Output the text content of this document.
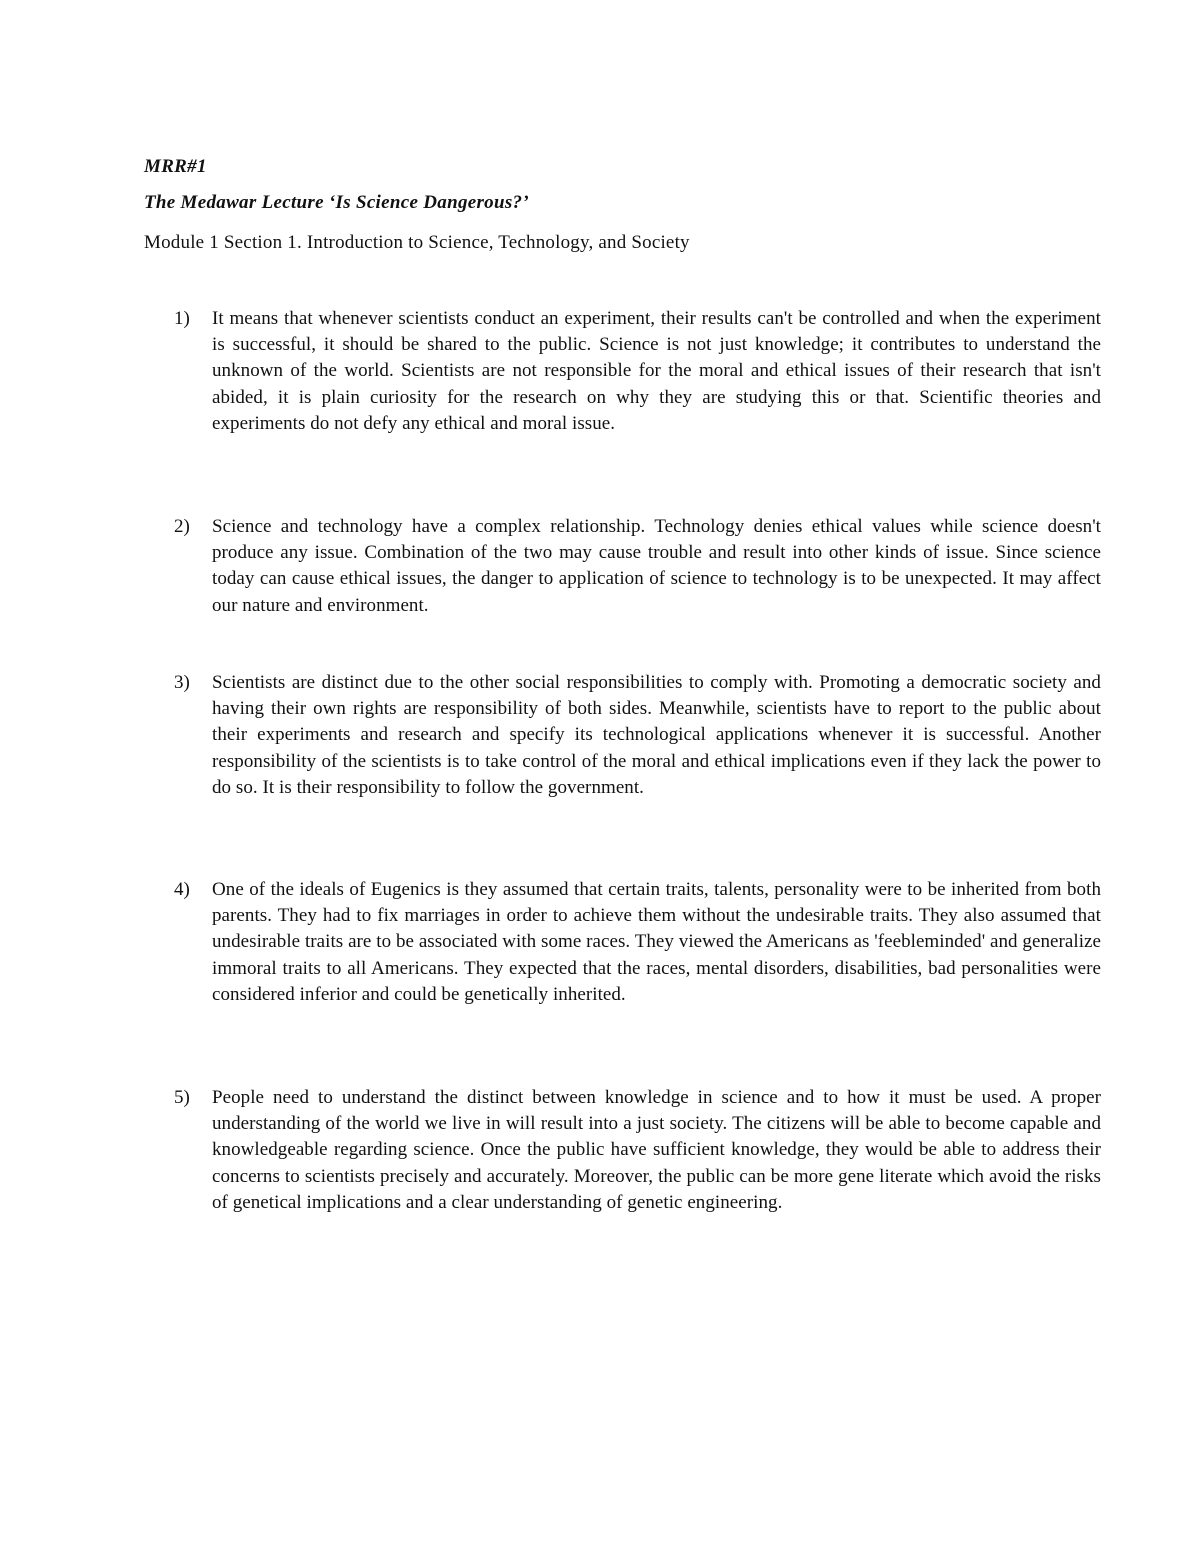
MRR#1
The Medawar Lecture ‘Is Science Dangerous?’
Module 1 Section 1. Introduction to Science, Technology, and Society
1)	It means that whenever scientists conduct an experiment, their results can't be controlled and when the experiment is successful, it should be shared to the public. Science is not just knowledge; it contributes to understand the unknown of the world. Scientists are not responsible for the moral and ethical issues of their research that isn't abided, it is plain curiosity for the research on why they are studying this or that. Scientific theories and experiments do not defy any ethical and moral issue.
2)	Science and technology have a complex relationship. Technology denies ethical values while science doesn't produce any issue. Combination of the two may cause trouble and result into other kinds of issue. Since science today can cause ethical issues, the danger to application of science to technology is to be unexpected. It may affect our nature and environment.
3)	Scientists are distinct due to the other social responsibilities to comply with. Promoting a democratic society and having their own rights are responsibility of both sides. Meanwhile, scientists have to report to the public about their experiments and research and specify its technological applications whenever it is successful. Another responsibility of the scientists is to take control of the moral and ethical implications even if they lack the power to do so. It is their responsibility to follow the government.
4)	One of the ideals of Eugenics is they assumed that certain traits, talents, personality were to be inherited from both parents. They had to fix marriages in order to achieve them without the undesirable traits. They also assumed that undesirable traits are to be associated with some races. They viewed the Americans as 'feebleminded' and generalize immoral traits to all Americans. They expected that the races, mental disorders, disabilities, bad personalities were considered inferior and could be genetically inherited.
5)	People need to understand the distinct between knowledge in science and to how it must be used. A proper understanding of the world we live in will result into a just society. The citizens will be able to become capable and knowledgeable regarding science. Once the public have sufficient knowledge, they would be able to address their concerns to scientists precisely and accurately. Moreover, the public can be more gene literate which avoid the risks of genetical implications and a clear understanding of genetic engineering.
